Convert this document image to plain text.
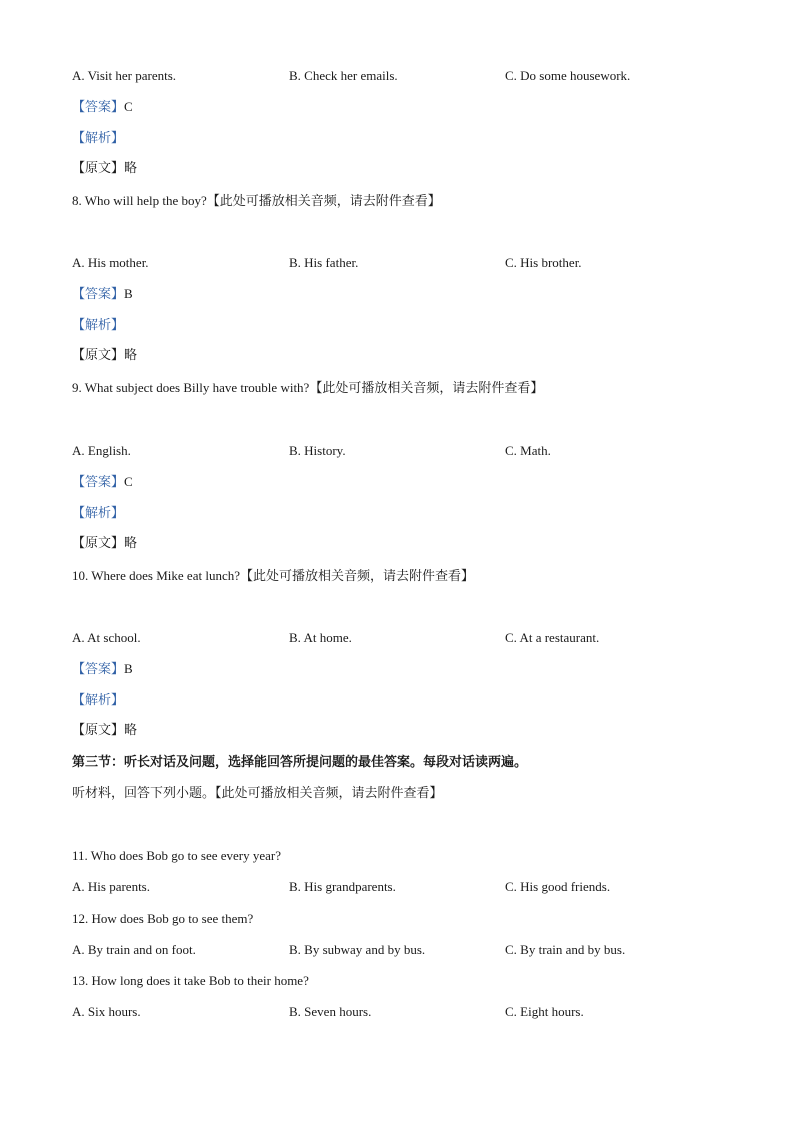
A. Visit her parents.	B. Check her emails.	C. Do some housework.
【答案】C
【解析】
【原文】略
8. Who will help the boy?【此处可播放相关音频，请去附件查看】
A. His mother.	B. His father.	C. His brother.
【答案】B
【解析】
【原文】略
9. What subject does Billy have trouble with?【此处可播放相关音频，请去附件查看】
A. English.	B. History.	C. Math.
【答案】C
【解析】
【原文】略
10. Where does Mike eat lunch?【此处可播放相关音频，请去附件查看】
A. At school.	B. At home.	C. At a restaurant.
【答案】B
【解析】
【原文】略
第三节：听长对话及问题，选择能回答所提问题的最佳答案。每段对话读两遍。
听材料，回答下列小题。【此处可播放相关音频，请去附件查看】
11. Who does Bob go to see every year?
A. His parents.	B. His grandparents.	C. His good friends.
12. How does Bob go to see them?
A. By train and on foot.	B. By subway and by bus.	C. By train and by bus.
13. How long does it take Bob to their home?
A. Six hours.	B. Seven hours.	C. Eight hours.
